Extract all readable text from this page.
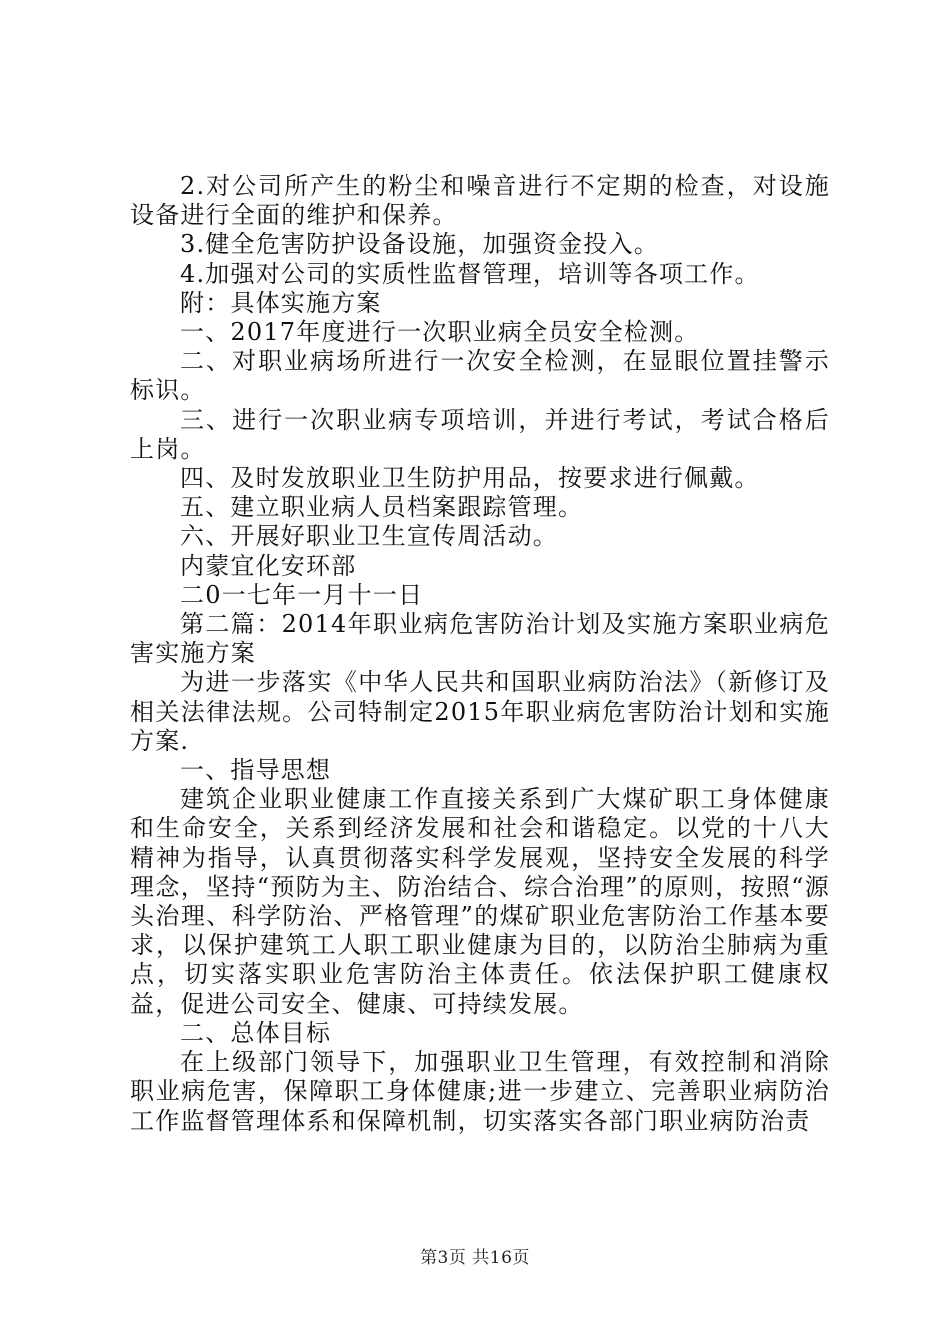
2.对公司所产生的粉尘和噪音进行不定期的检查，对设施设备进行全面的维护和保养。

3.健全危害防护设备设施，加强资金投入。

4.加强对公司的实质性监督管理，培训等各项工作。

附：具体实施方案

一、2017年度进行一次职业病全员安全检测。

二、对职业病场所进行一次安全检测，在显眼位置挂警示标识。

三、进行一次职业病专项培训，并进行考试，考试合格后上岗。

四、及时发放职业卫生防护用品，按要求进行佩戴。

五、建立职业病人员档案跟踪管理。

六、开展好职业卫生宣传周活动。

内蒙宜化安环部

二0一七年一月十一日

第二篇：2014年职业病危害防治计划及实施方案职业病危害实施方案

为进一步落实《中华人民共和国职业病防治法》（新修订及相关法律法规。公司特制定2015年职业病危害防治计划和实施方案.

一、指导思想

建筑企业职业健康工作直接关系到广大煤矿职工身体健康和生命安全，关系到经济发展和社会和谐稳定。以党的十八大精神为指导，认真贯彻落实科学发展观，坚持安全发展的科学理念，坚持“预防为主、防治结合、综合治理”的原则，按照“源头治理、科学防治、严格管理”的煤矿职业危害防治工作基本要求，以保护建筑工人职工职业健康为目的，以防治尘肺病为重点，切实落实职业危害防治主体责任。依法保护职工健康权益，促进公司安全、健康、可持续发展。

二、总体目标

在上级部门领导下，加强职业卫生管理，有效控制和消除职业病危害，保障职工身体健康;进一步建立、完善职业病防治工作监督管理体系和保障机制，切实落实各部门职业病防治责

第3页 共16页
